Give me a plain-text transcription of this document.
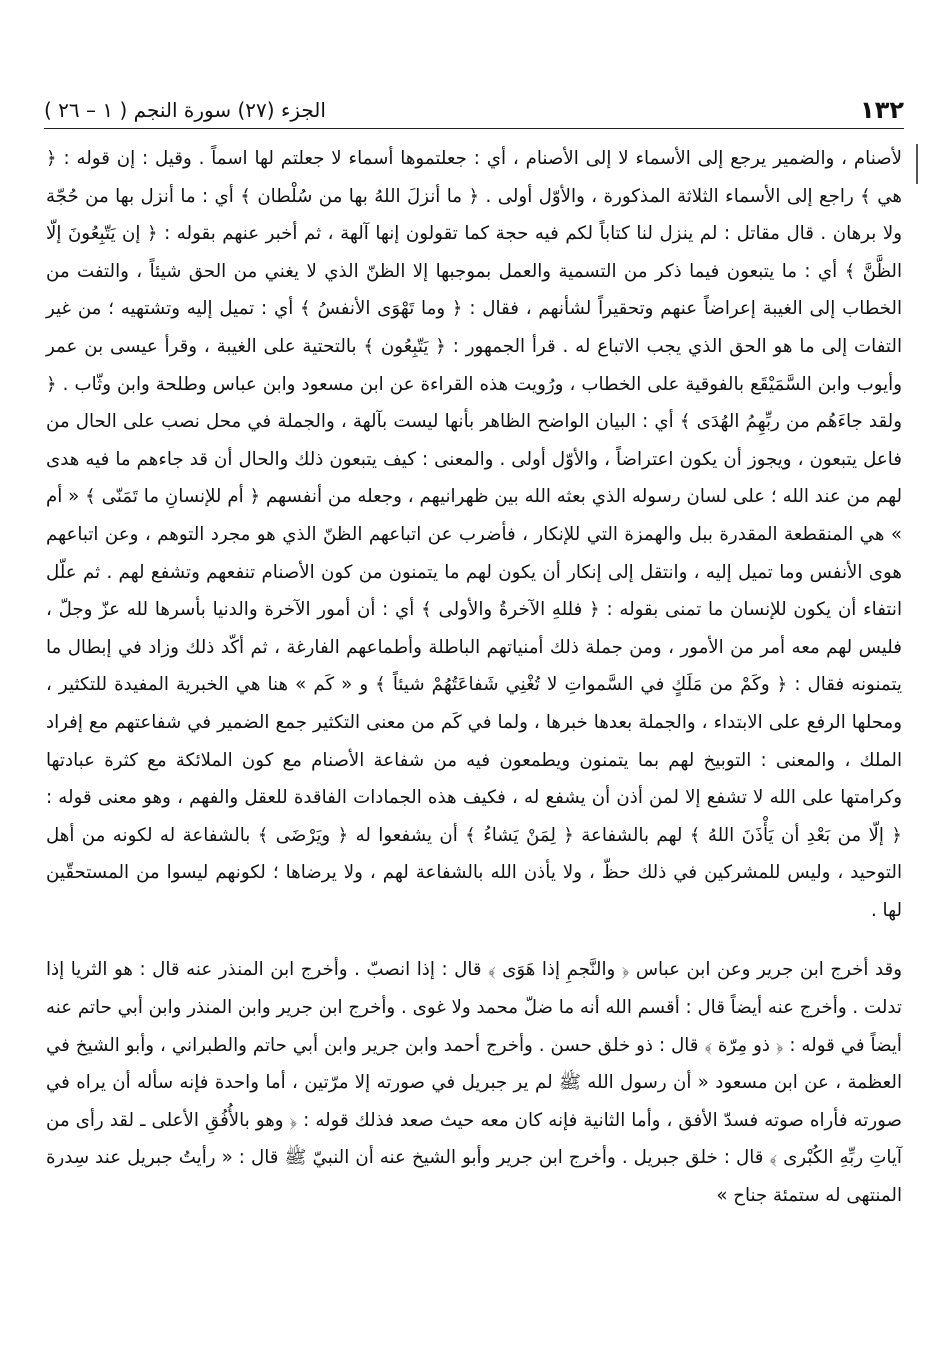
١٣٢
الجزء (٢٧) سورة النجم ( ١ – ٢٦ )

لأصنام ، والضمير يرجع إلى الأسماء لا إلى الأصنام ، أي : جعلتموها أسماء لا جعلتم لها اسماً . وقيل : إن قوله : ﴿ هي ﴾ راجع إلى الأسماء الثلاثة المذكورة ، والأوّل أولى . ﴿ ما أنزلَ اللهُ بها من سُلْطان ﴾ أي : ما أنزل بها من حُجّة ولا برهان . قال مقاتل : لم ينزل لنا كتاباً لكم فيه حجة كما تقولون إنها آلهة ، ثم أخبر عنهم بقوله : ﴿ إن يَتّبِعُونَ إلّا الظَّنَّ ﴾ أي : ما يتبعون فيما ذكر من التسمية والعمل بموجبها إلا الظنّ الذي لا يغني من الحق شيئاً ، والتفت من الخطاب إلى الغيبة إعراضاً عنهم وتحقيراً لشأنهم ، فقال : ﴿ وما تَهْوَى الأنفسُ ﴾ أي : تميل إليه وتشتهيه ؛ من غير التفات إلى ما هو الحق الذي يجب الاتباع له . قرأ الجمهور : ﴿ يَتّبِعُون ﴾ بالتحتية على الغيبة ، وقرأ عيسى بن عمر وأيوب وابن السَّمَيْقَع بالفوقية على الخطاب ، ورُويت هذه القراءة عن ابن مسعود وابن عباس وطلحة وابن وثّاب . ﴿ ولقد جاءَهُم من ربِّهِمُ الهُدَى ﴾ أي : البيان الواضح الظاهر بأنها ليست بآلهة ، والجملة في محل نصب على الحال من فاعل يتبعون ، ويجوز أن يكون اعتراضاً ، والأوّل أولى . والمعنى : كيف يتبعون ذلك والحال أن قد جاءهم ما فيه هدى لهم من عند الله ؛ على لسان رسوله الذي بعثه الله بين ظهرانيهم ، وجعله من أنفسهم ﴿ أم للإنسانِ ما تَمَنّى ﴾ « أم » هي المنقطعة المقدرة ببل والهمزة التي للإنكار ، فأضرب عن اتباعهم الظنّ الذي هو مجرد التوهم ، وعن اتباعهم هوى الأنفس وما تميل إليه ، وانتقل إلى إنكار أن يكون لهم ما يتمنون من كون الأصنام تنفعهم وتشفع لهم . ثم علّل انتفاء أن يكون للإنسان ما تمنى بقوله : ﴿ فللهِ الآخرةُ والأولى ﴾ أي : أن أمور الآخرة والدنيا بأسرها لله عزّ وجلّ ، فليس لهم معه أمر من الأمور ، ومن جملة ذلك أمنياتهم الباطلة وأطماعهم الفارغة ، ثم أكّد ذلك وزاد في إبطال ما يتمنونه فقال : ﴿ وكَمْ من مَلَكٍ في السَّمواتِ لا تُغْنِي شَفاعَتُهُمْ شيئاً ﴾ و « كَم » هنا هي الخبرية المفيدة للتكثير ، ومحلها الرفع على الابتداء ، والجملة بعدها خبرها ، ولما في كَم من معنى التكثير جمع الضمير في شفاعتهم مع إفراد الملك ، والمعنى : التوبيخ لهم بما يتمنون ويطمعون فيه من شفاعة الأصنام مع كون الملائكة مع كثرة عبادتها وكرامتها على الله لا تشفع إلا لمن أذن أن يشفع له ، فكيف هذه الجمادات الفاقدة للعقل والفهم ، وهو معنى قوله : ﴿ إلّا من بَعْدِ أن يَأْذَنَ اللهُ ﴾ لهم بالشفاعة ﴿ لِمَنْ يَشاءُ ﴾ أن يشفعوا له ﴿ ويَرْضَى ﴾ بالشفاعة له لكونه من أهل التوحيد ، وليس للمشركين في ذلك حظّ ، ولا يأذن الله بالشفاعة لهم ، ولا يرضاها ؛ لكونهم ليسوا من المستحقّين لها .

وقد أخرج ابن جرير وعن ابن عباس ﴿ والنَّجمِ إذا هَوَى ﴾ قال : إذا انصبّ . وأخرج ابن المنذر عنه قال : هو الثريا إذا تدلت . وأخرج عنه أيضاً قال : أقسم الله أنه ما ضلّ محمد ولا غوى . وأخرج ابن جرير وابن المنذر وابن أبي حاتم عنه أيضاً في قوله : ﴿ ذو مِرّة ﴾ قال : ذو خلق حسن . وأخرج أحمد وابن جرير وابن أبي حاتم والطبراني ، وأبو الشيخ في العظمة ، عن ابن مسعود « أن رسول الله ﷺ لم ير جبريل في صورته إلا مرّتين ، أما واحدة فإنه سأله أن يراه في صورته فأراه صوته فسدّ الأفق ، وأما الثانية فإنه كان معه حيث صعد فذلك قوله : ﴿ وهو بالأُفُقِ الأعلى ـ لقد رأى من آياتِ ربِّهِ الكُبْرى ﴾ قال : خلق جبريل . وأخرج ابن جرير وأبو الشيخ عنه أن النبيّ ﷺ قال : « رأيتُ جبريل عند سِدرة المنتهى له ستمئة جناح »
